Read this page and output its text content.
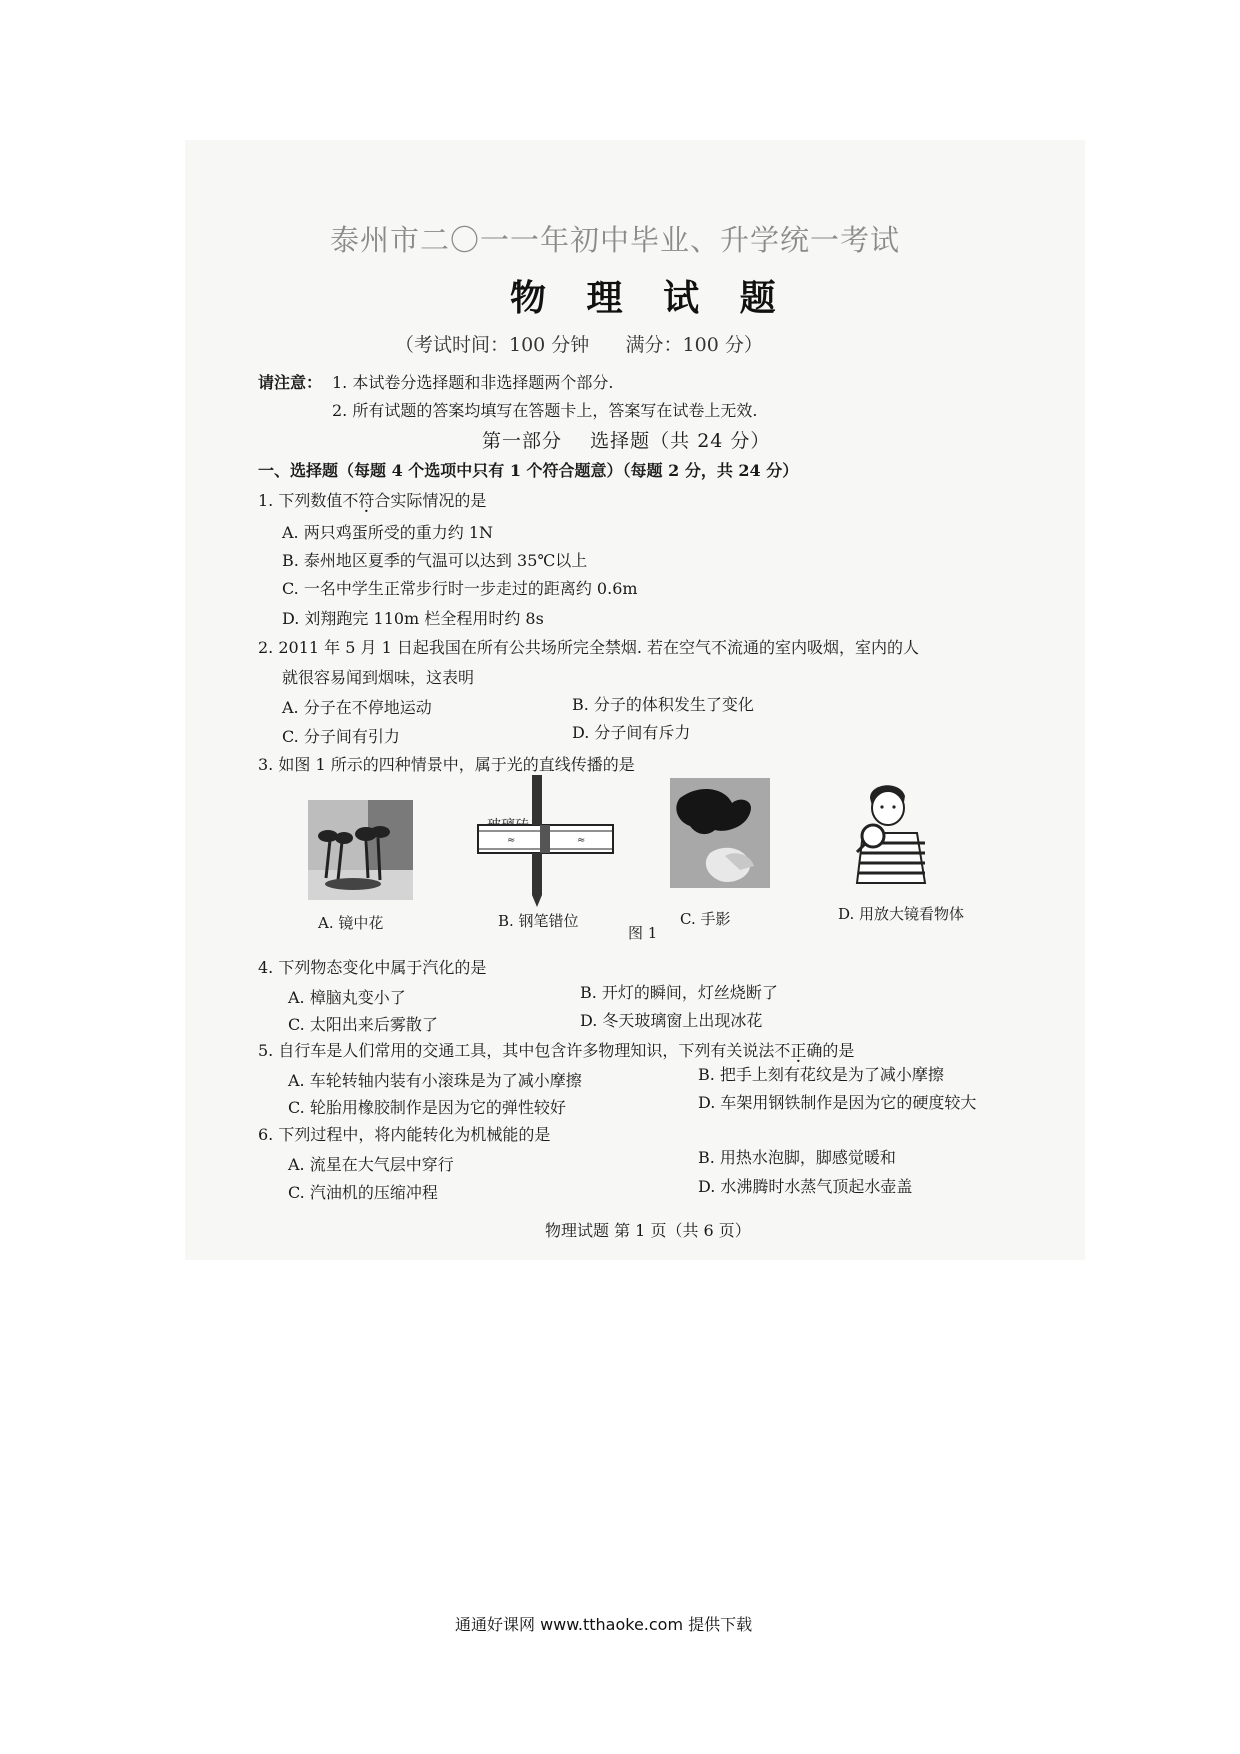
泰州市二〇一一年初中毕业、升学统一考试
物 理 试 题
（考试时间：100 分钟      满分：100 分）
请注意： 1. 本试卷分选择题和非选择题两个部分.
2. 所有试题的答案均填写在答题卡上，答案写在试卷上无效.
第一部分    选择题（共 24 分）
一、选择题（每题 4 个选项中只有 1 个符合题意）（每题 2 分，共 24 分）
1. 下列数值不符合实际情况的是
A. 两只鸡蛋所受的重力约 1N
B. 泰州地区夏季的气温可以达到 35℃以上
C. 一名中学生正常步行时一步走过的距离约 0.6m
D. 刘翔跑完 110m 栏全程用时约 8s
2. 2011 年 5 月 1 日起我国在所有公共场所完全禁烟. 若在空气不流通的室内吸烟，室内的人
就很容易闻到烟味，这表明
A. 分子在不停地运动	B. 分子的体积发生了变化
C. 分子间有引力	D. 分子间有斥力
3. 如图 1 所示的四种情景中，属于光的直线传播的是
≈	≈
A. 镜中花	B. 钢笔错位	C. 手影	D. 用放大镜看物体
图 1
4. 下列物态变化中属于汽化的是
A. 樟脑丸变小了	B. 开灯的瞬间，灯丝烧断了
C. 太阳出来后雾散了	D. 冬天玻璃窗上出现冰花
5. 自行车是人们常用的交通工具，其中包含许多物理知识，下列有关说法不正确的是
A. 车轮转轴内装有小滚珠是为了减小摩擦	B. 把手上刻有花纹是为了减小摩擦
C. 轮胎用橡胶制作是因为它的弹性较好	D. 车架用钢铁制作是因为它的硬度较大
6. 下列过程中，将内能转化为机械能的是
A. 流星在大气层中穿行	B. 用热水泡脚，脚感觉暖和
C. 汽油机的压缩冲程	D. 水沸腾时水蒸气顶起水壶盖
物理试题 第 1 页（共 6 页）
通通好课网 www.tthaoke.com 提供下载
